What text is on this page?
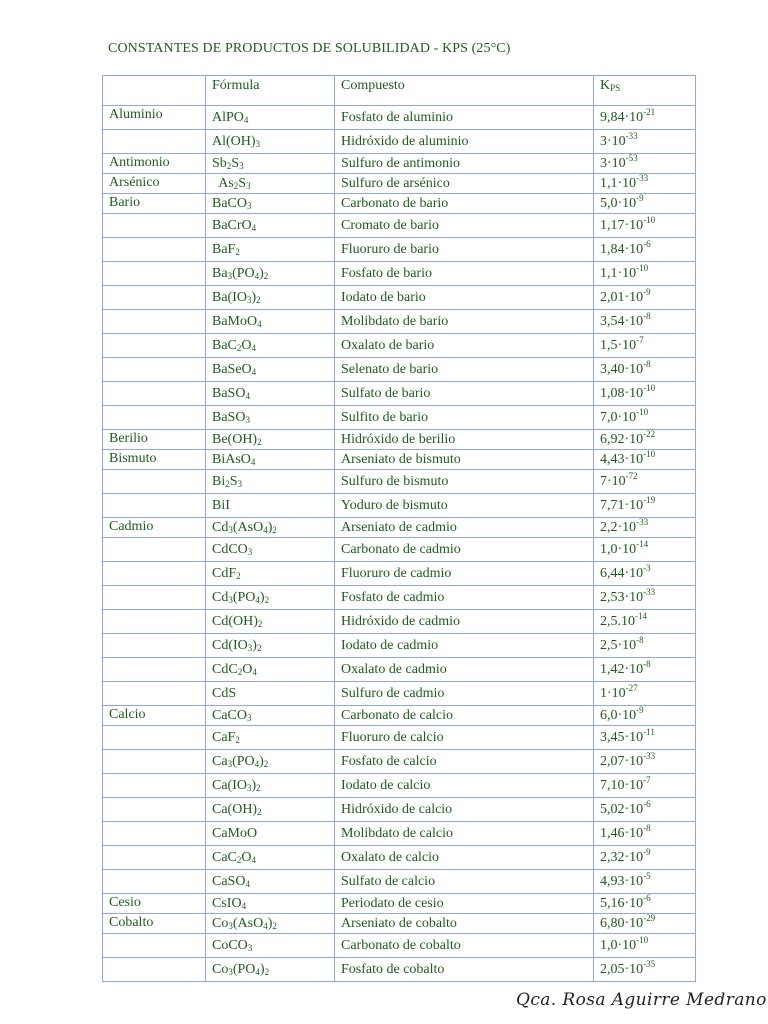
CONSTANTES DE PRODUCTOS DE SOLUBILIDAD - KPS (25°C)
	Fórmula	Compuesto	$K_{PS}$
Aluminio	AlPO$_4$	Fosfato de aluminio	$9,84\cdot 10^{-21}$
	$Al(OH)_3$	Hidróxido de aluminio	$3\cdot 10^{-33}$
Antimonio	$Sb_2S_3$	Sulfuro de antimonio	$3\cdot 10^{-53}$
Arsénico	$As_2S_3$	Sulfuro de arsénico	$1,1\cdot 10^{-33}$
Bario	BaCO$_3$	Carbonato de bario	$5,0\cdot 10^{-9}$
	BaCrO$_4$	Cromato de bario	$1,17\cdot 10^{-10}$
	BaF$_2$	Fluoruro de bario	$1,84\cdot 10^{-6}$
	$Ba_3(PO_4)_2$	Fosfato de bario	$1,1\cdot 10^{-10}$
	$Ba(IO_3)_2$	Iodato de bario	$2,01\cdot 10^{-9}$
	BaMoO$_4$	Molibdato de bario	$3,54\cdot 10^{-8}$
	$BaC_2O_4$	Oxalato de bario	$1,5\cdot 10^{-7}$
	BaSeO$_4$	Selenato de bario	$3,40\cdot 10^{-8}$
	BaSO$_4$	Sulfato de bario	$1,08\cdot 10^{-10}$
	BaSO$_3$	Sulfito de bario	$7,0\cdot 10^{-10}$
Berilio	$Be(OH)_2$	Hidróxido de berilio	$6,92\cdot 10^{-22}$
Bismuto	BiAsO$_4$	Arseniato de bismuto	$4,43\cdot 10^{-10}$
	$Bi_2S_3$	Sulfuro de bismuto	$7\cdot 10^{-72}$
	BiI	Yoduro de bismuto	$7,71\cdot 10^{-19}$
Cadmio	$Cd_3(AsO_4)_2$	Arseniato de cadmio	$2,2\cdot 10^{-33}$
	CdCO$_3$	Carbonato de cadmio	$1,0\cdot 10^{-14}$
	CdF$_2$	Fluoruro de cadmio	$6,44\cdot 10^{-3}$
	$Cd_3(PO_4)_2$	Fosfato de cadmio	$2,53\cdot 10^{-33}$
	$Cd(OH)_2$	Hidróxido de cadmio	$2,5.10^{-14}$
	$Cd(IO_3)_2$	Iodato de cadmio	$2,5\cdot 10^{-8}$
	$CdC_2O_4$	Oxalato de cadmio	$1,42\cdot 10^{-8}$
	CdS	Sulfuro de cadmio	$1\cdot 10^{-27}$
Calcio	CaCO$_3$	Carbonato de calcio	$6,0\cdot 10^{-9}$
	CaF$_2$	Fluoruro de calcio	$3,45\cdot 10^{-11}$
	$Ca_3(PO_4)_2$	Fosfato de calcio	$2,07\cdot 10^{-33}$
	$Ca(IO_3)_2$	Iodato de calcio	$7,10\cdot 10^{-7}$
	$Ca(OH)_2$	Hidróxido de calcio	$5,02\cdot 10^{-6}$
	CaMoO	Molibdato de calcio	$1,46\cdot 10^{-8}$
	$CaC_2O_4$	Oxalato de calcio	$2,32\cdot 10^{-9}$
	CaSO$_4$	Sulfato de calcio	$4,93\cdot 10^{-5}$
Cesio	CsIO$_4$	Periodato de cesio	$5,16\cdot 10^{-6}$
Cobalto	$Co_3(AsO_4)_2$	Arseniato de cobalto	$6,80\cdot 10^{-29}$
	CoCO$_3$	Carbonato de cobalto	$1,0\cdot 10^{-10}$
	$Co_3(PO_4)_2$	Fosfato de cobalto	$2,05\cdot 10^{-35}$
Qca. Rosa Aguirre Medrano
